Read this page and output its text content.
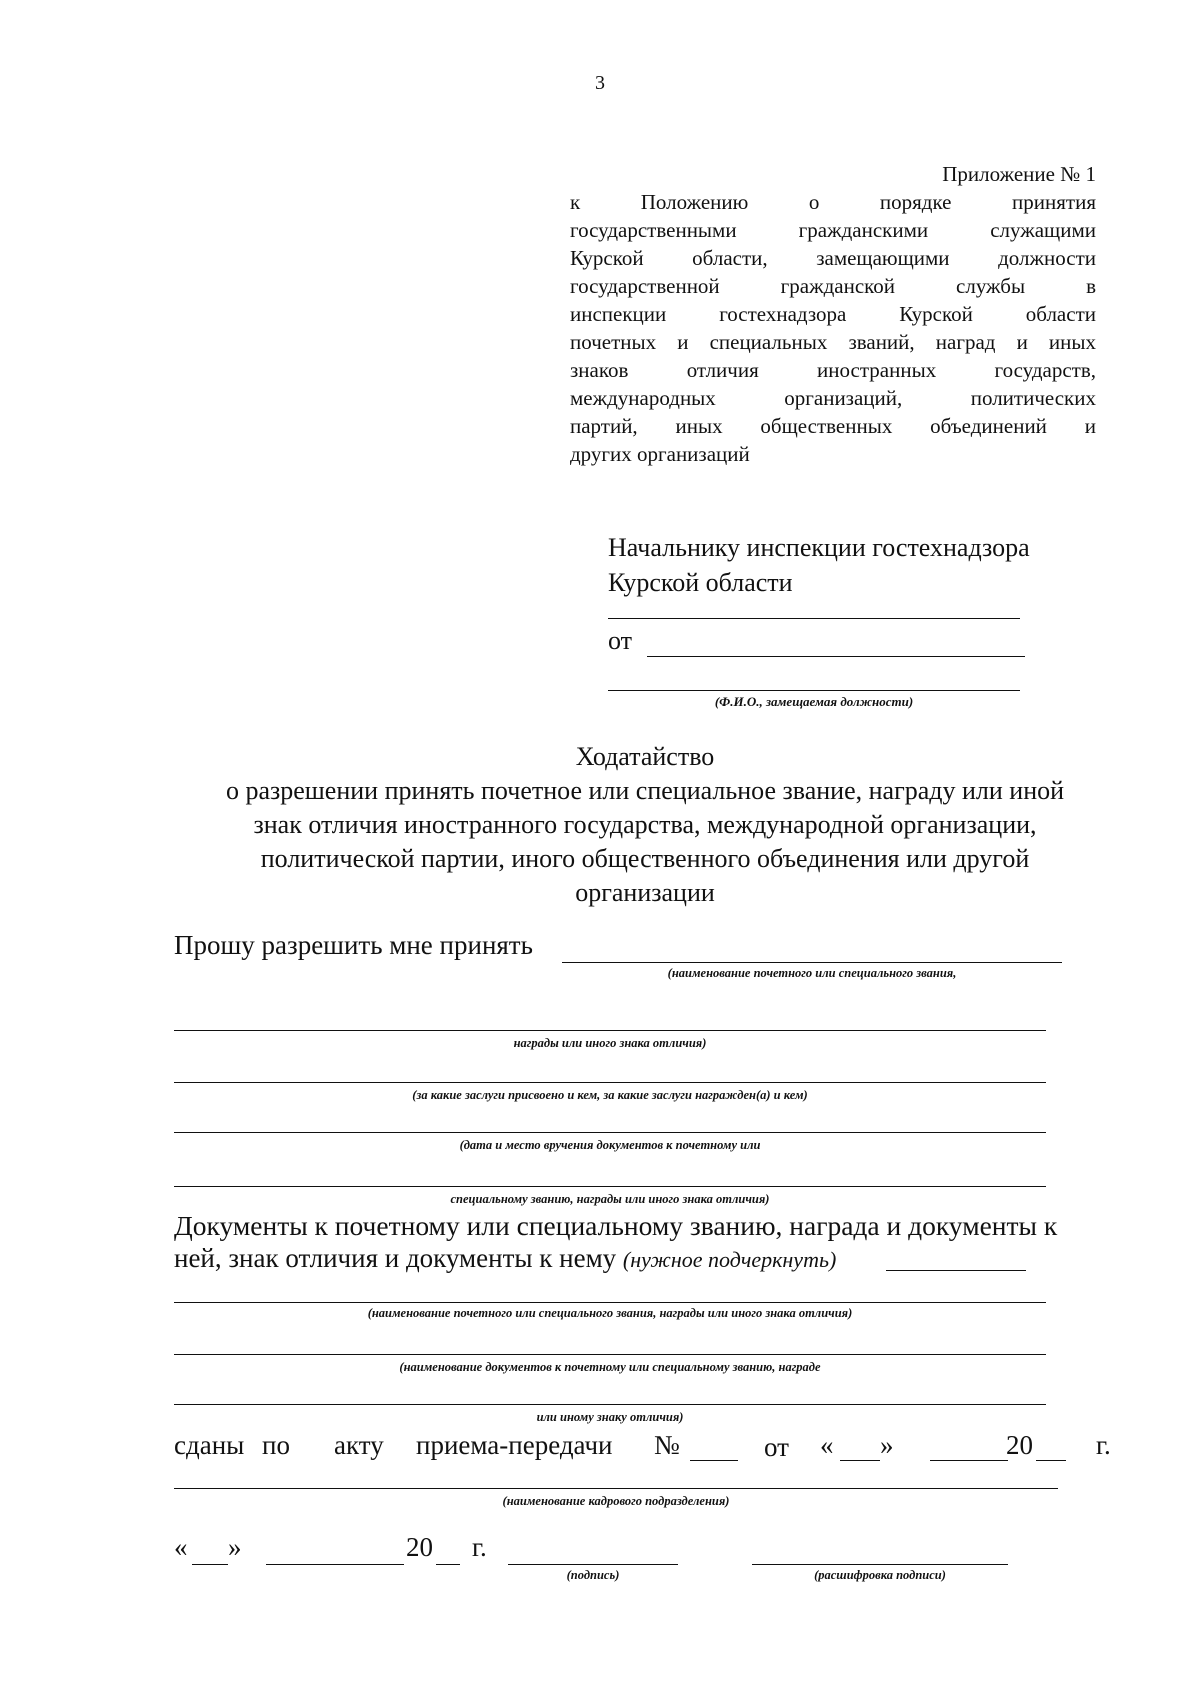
3
Приложение № 1
к Положению о порядке принятия
государственными гражданскими служащими
Курской области, замещающими должности
государственной гражданской службы в
инспекции гостехнадзора Курской области
почетных и специальных званий, наград и иных
знаков отличия иностранных государств,
международных организаций, политических
партий, иных общественных объединений и
других организаций
Начальнику инспекции гостехнадзора
Курской области
от
(Ф.И.О., замещаемая должности)
Ходатайство
о разрешении принять почетное или специальное звание, награду или иной
знак отличия иностранного государства, международной организации,
политической партии, иного общественного объединения или другой
организации
Прошу разрешить мне принять
(наименование почетного или специального звания,
награды или иного знака отличия)
(за какие заслуги присвоено и кем, за какие заслуги награжден(а) и кем)
(дата и место вручения документов к почетному или
специальному званию, награды или иного знака отличия)
Документы к почетному или специальному званию, награда и документы к
ней, знак отличия и документы к нему (нужное подчеркнуть)
(наименование почетного или специального звания, награды или иного знака отличия)
(наименование документов к почетному или специальному званию, награде
или иному знаку отличия)
сданы по акту приема-передачи №	от « »	20 г.
(наименование кадрового подразделения)
« »	20 г.
(подпись)	(расшифровка подписи)
